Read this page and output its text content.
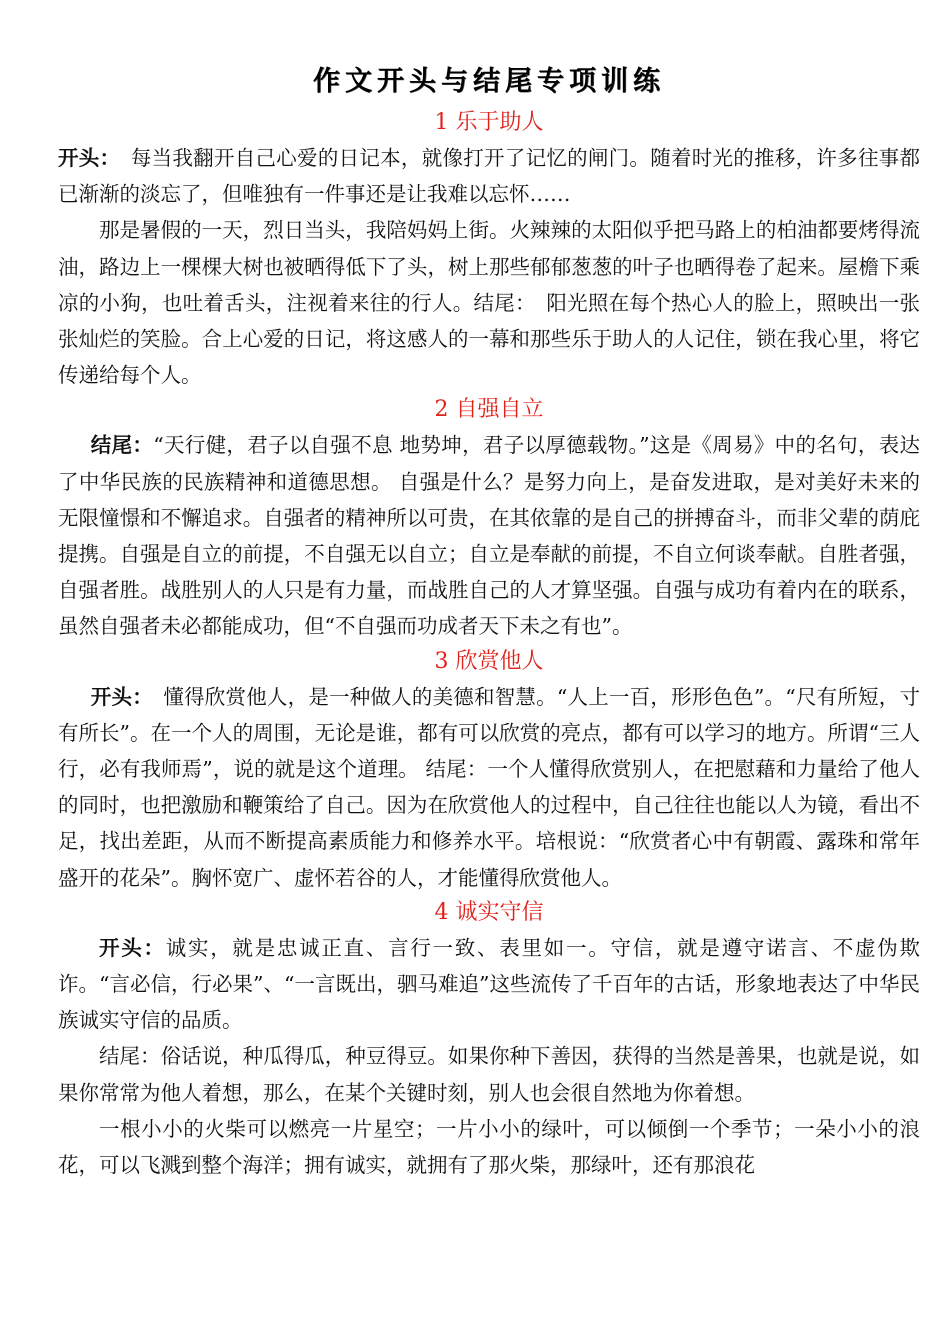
作文开头与结尾专项训练
1 乐于助人

开头：　每当我翻开自己心爱的日记本，就像打开了记忆的闸门。随着时光的推移，许多往事都已渐渐的淡忘了，但唯独有一件事还是让我难以忘怀……

那是暑假的一天，烈日当头，我陪妈妈上街。火辣辣的太阳似乎把马路上的柏油都要烤得流油，路边上一棵棵大树也被晒得低下了头，树上那些郁郁葱葱的叶子也晒得卷了起来。屋檐下乘凉的小狗，也吐着舌头，注视着来往的行人。结尾：　阳光照在每个热心人的脸上，照映出一张张灿烂的笑脸。合上心爱的日记，将这感人的一幕和那些乐于助人的人记住，锁在我心里，将它传递给每个人。

2 自强自立

结尾：“天行健，君子以自强不息 地势坤，君子以厚德载物。”这是《周易》中的名句，表达了中华民族的民族精神和道德思想。 自强是什么？是努力向上，是奋发进取，是对美好未来的无限憧憬和不懈追求。自强者的精神所以可贵，在其依靠的是自己的拼搏奋斗，而非父辈的荫庇提携。自强是自立的前提，不自强无以自立；自立是奉献的前提，不自立何谈奉献。自胜者强，自强者胜。战胜别人的人只是有力量，而战胜自己的人才算坚强。自强与成功有着内在的联系，虽然自强者未必都能成功，但“不自强而功成者天下未之有也”。

3 欣赏他人

开头：　懂得欣赏他人，是一种做人的美德和智慧。“人上一百，形形色色”。“尺有所短，寸有所长”。在一个人的周围，无论是谁，都有可以欣赏的亮点，都有可以学习的地方。所谓“三人行，必有我师焉”，说的就是这个道理。 结尾：一个人懂得欣赏别人，在把慰藉和力量给了他人的同时，也把激励和鞭策给了自己。因为在欣赏他人的过程中，自己往往也能以人为镜，看出不足，找出差距，从而不断提高素质能力和修养水平。培根说：“欣赏者心中有朝霞、露珠和常年盛开的花朵”。胸怀宽广、虚怀若谷的人，才能懂得欣赏他人。

4 诚实守信

开头：诚实，就是忠诚正直、言行一致、表里如一。守信，就是遵守诺言、不虚伪欺诈。“言必信，行必果”、“一言既出，驷马难追”这些流传了千百年的古话，形象地表达了中华民族诚实守信的品质。

结尾：俗话说，种瓜得瓜，种豆得豆。如果你种下善因，获得的当然是善果，也就是说，如果你常常为他人着想，那么，在某个关键时刻，别人也会很自然地为你着想。

一根小小的火柴可以燃亮一片星空；一片小小的绿叶，可以倾倒一个季节；一朵小小的浪花，可以飞溅到整个海洋；拥有诚实，就拥有了那火柴，那绿叶，还有那浪花
